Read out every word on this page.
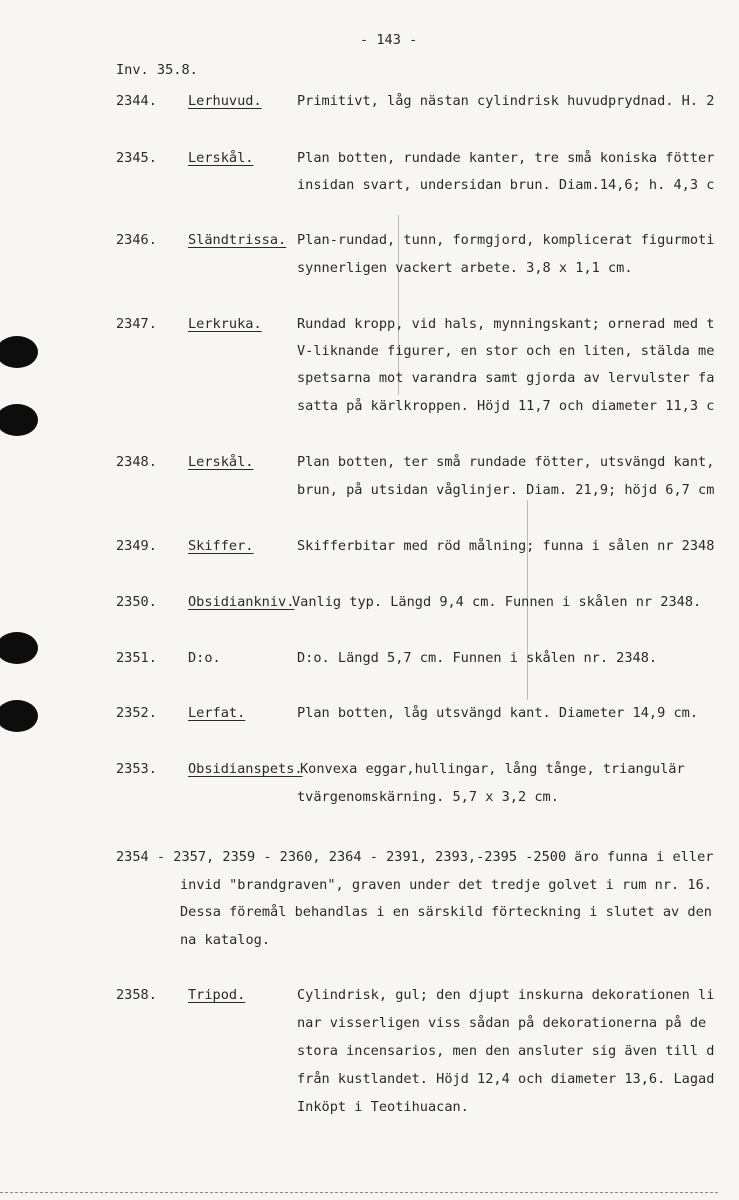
- 143 -
Inv. 35.8.
2344. Lerhuvud.	Primitivt, låg nästan cylindrisk huvudprydnad. H. 2
2345. Lerskål.	Plan botten, rundade kanter, tre små koniska fötter
insidan svart, undersidan brun. Diam.14,6; h. 4,3 c
2346. Sländtrissa. Plan-rundad, tunn, formgjord, komplicerat figurmoti
synnerligen vackert arbete. 3,8 x 1,1 cm.
2347. Lerkruka.	Rundad kropp, vid hals, mynningskant; ornerad med t
V-liknande figurer, en stor och en liten, stälda me
spetsarna mot varandra samt gjorda av lervulster fa
satta på kärlkroppen. Höjd 11,7 och diameter 11,3 c
2348. Lerskål.	Plan botten, ter små rundade fötter, utsvängd kant,
brun, på utsidan våglinjer. Diam. 21,9; höjd 6,7 cm
2349. Skiffer.	Skifferbitar med röd målning; funna i sålen nr 2348
2350. Obsidiankniv.
Vanlig typ. Längd 9,4 cm. Funnen i skålen nr 2348.
2351. D:o.	D:o. Längd 5,7 cm. Funnen i skålen nr. 2348.
2352. Lerfat.	Plan botten, låg utsvängd kant. Diameter 14,9 cm.
2353. Obsidianspets.
Konvexa eggar,hullingar, lång tånge, triangulär
tvärgenomskärning. 5,7 x 3,2 cm.
2354 - 2357, 2359 - 2360, 2364 - 2391, 2393,-2395 -2500 äro funna i eller
invid "brandgraven", graven under det tredje golvet i rum nr. 16.
Dessa föremål behandlas i en särskild förteckning i slutet av den
na katalog.
2358. Tripod.	Cylindrisk, gul; den djupt inskurna dekorationen li
nar visserligen viss sådan på dekorationerna på de
stora incensarios, men den ansluter sig även till d
från kustlandet. Höjd 12,4 och diameter 13,6. Lagad
Inköpt i Teotihuacan.
